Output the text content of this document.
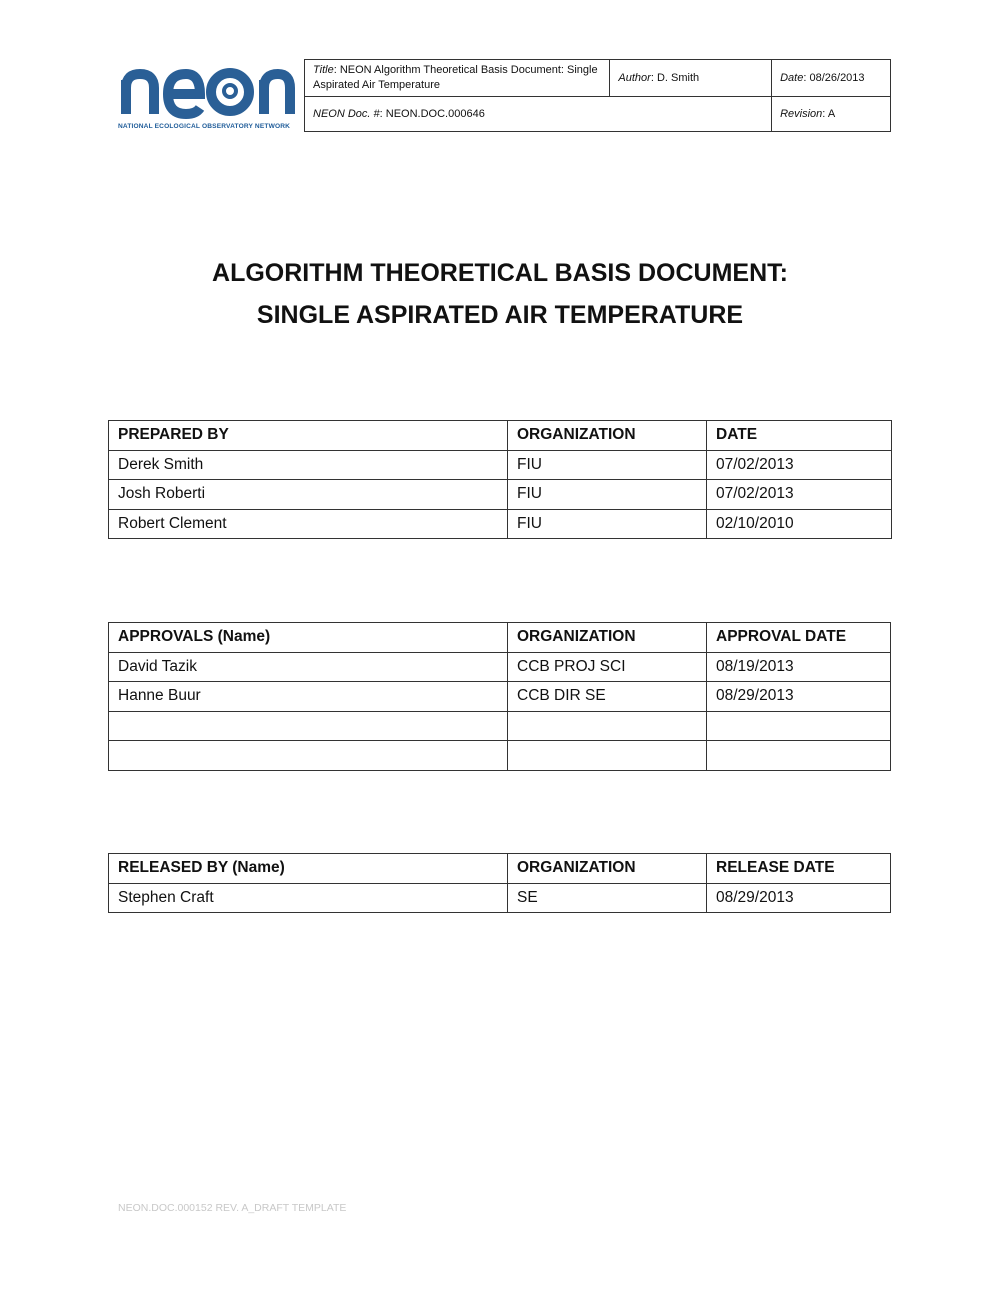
NATIONAL ECOLOGICAL OBSERVATORY NETWORK
Title: NEON Algorithm Theoretical Basis Document: Single Aspirated Air Temperature	Author: D. Smith	Date: 08/26/2013
NEON Doc. #: NEON.DOC.000646		Revision: A
ALGORITHM THEORETICAL BASIS DOCUMENT:
SINGLE ASPIRATED AIR TEMPERATURE
PREPARED BY	ORGANIZATION	DATE
Derek Smith	FIU	07/02/2013
Josh Roberti	FIU	07/02/2013
Robert Clement	FIU	02/10/2010
APPROVALS (Name)	ORGANIZATION	APPROVAL DATE
David Tazik	CCB PROJ SCI	08/19/2013
Hanne Buur	CCB DIR SE	08/29/2013

RELEASED BY (Name)	ORGANIZATION	RELEASE DATE
Stephen Craft	SE	08/29/2013
NEON.DOC.000152 REV. A_DRAFT TEMPLATE
